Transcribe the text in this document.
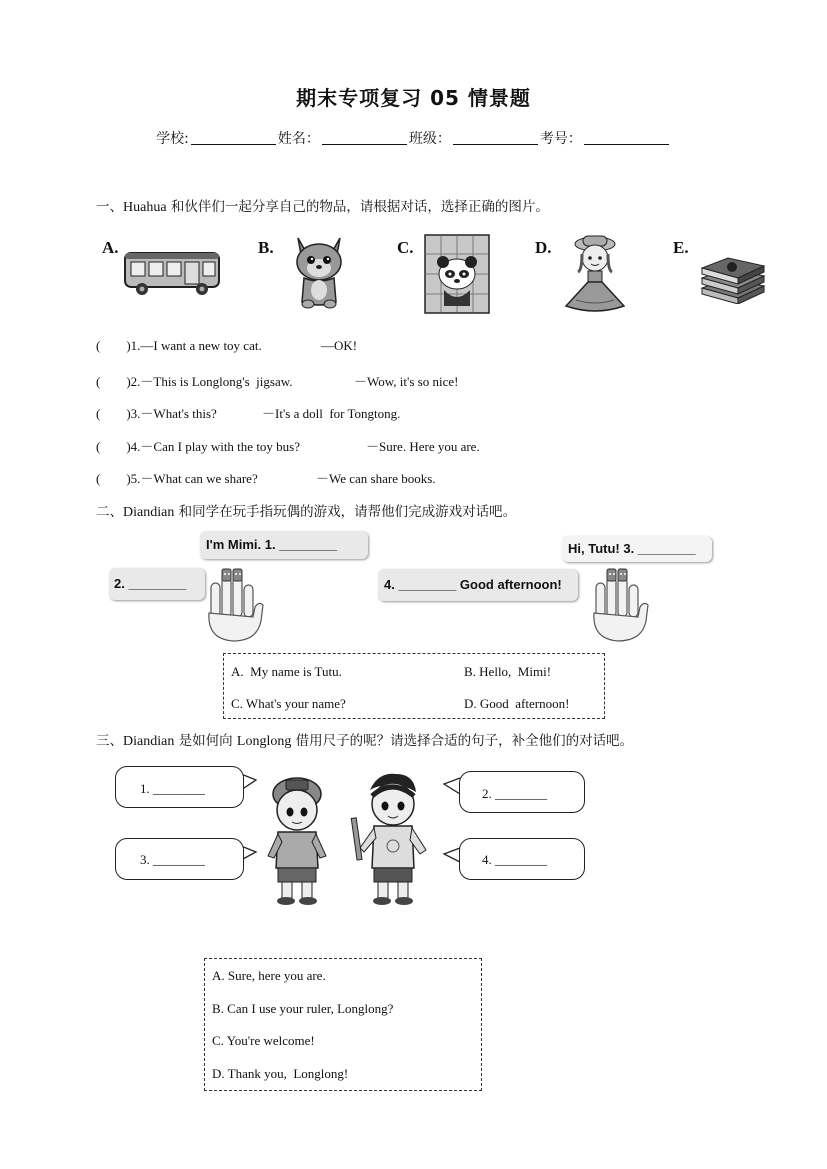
期末专项复习 05 情景题
学校:	姓名：	班级：	考号：
一、Huahua 和伙伴们一起分享自己的物品，请根据对话，选择正确的图片。
A.	B.	C.	D.	E.
(        )1.—I want a new toy cat.	—OK!
(        )2.－This is Longlong's  jigsaw.	－Wow, it's so nice!
(        )3.－What's this?	－It's a doll  for Tongtong.
(        )4.－Can I play with the toy bus?	－Sure. Here you are.
(        )5.－What can we share?	－We can share books.
二、Diandian 和同学在玩手指玩偶的游戏，请帮他们完成游戏对话吧。
I'm Mimi. 1. ________
2. ________	4. ________ Good afternoon!
Hi, Tutu! 3. ________
A.  My name is Tutu.	B. Hello,  Mimi!
C. What's your name?	D. Good  afternoon!
三、Diandian 是如何向 Longlong 借用尺子的呢？请选择合适的句子，补全他们的对话吧。
1. ________	2. ________
3. ________	4. ________
A. Sure, here you are.
B. Can I use your ruler, Longlong?
C. You're welcome!
D. Thank you,  Longlong!
